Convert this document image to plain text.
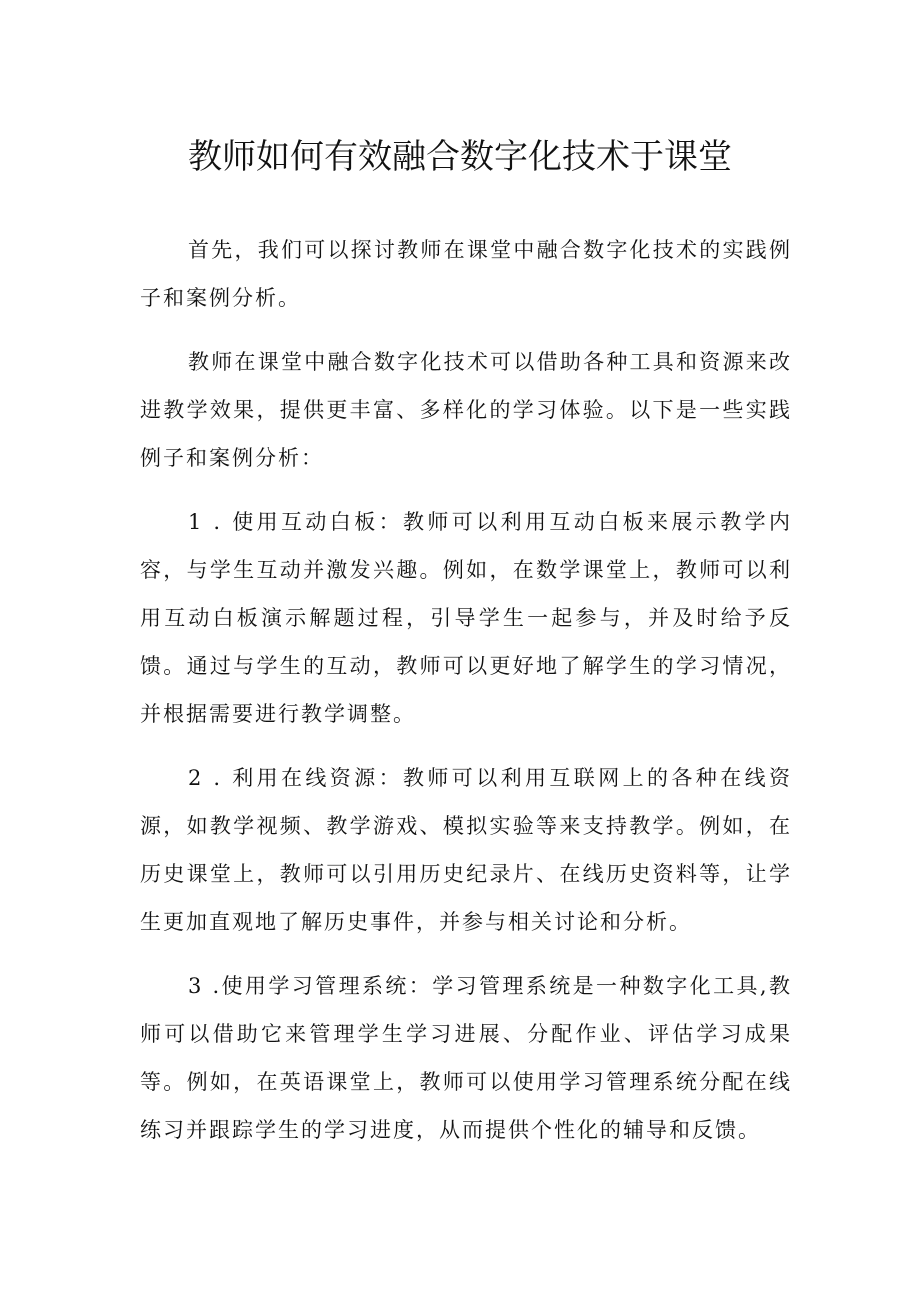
教师如何有效融合数字化技术于课堂

首先，我们可以探讨教师在课堂中融合数字化技术的实践例子和案例分析。

教师在课堂中融合数字化技术可以借助各种工具和资源来改进教学效果，提供更丰富、多样化的学习体验。以下是一些实践例子和案例分析：

1 . 使用互动白板：教师可以利用互动白板来展示教学内容，与学生互动并激发兴趣。例如，在数学课堂上，教师可以利用互动白板演示解题过程，引导学生一起参与，并及时给予反馈。通过与学生的互动，教师可以更好地了解学生的学习情况，并根据需要进行教学调整。

2 . 利用在线资源：教师可以利用互联网上的各种在线资源，如教学视频、教学游戏、模拟实验等来支持教学。例如，在历史课堂上，教师可以引用历史纪录片、在线历史资料等，让学生更加直观地了解历史事件，并参与相关讨论和分析。

3 .使用学习管理系统：学习管理系统是一种数字化工具,教师可以借助它来管理学生学习进展、分配作业、评估学习成果等。例如，在英语课堂上，教师可以使用学习管理系统分配在线练习并跟踪学生的学习进度，从而提供个性化的辅导和反馈。
